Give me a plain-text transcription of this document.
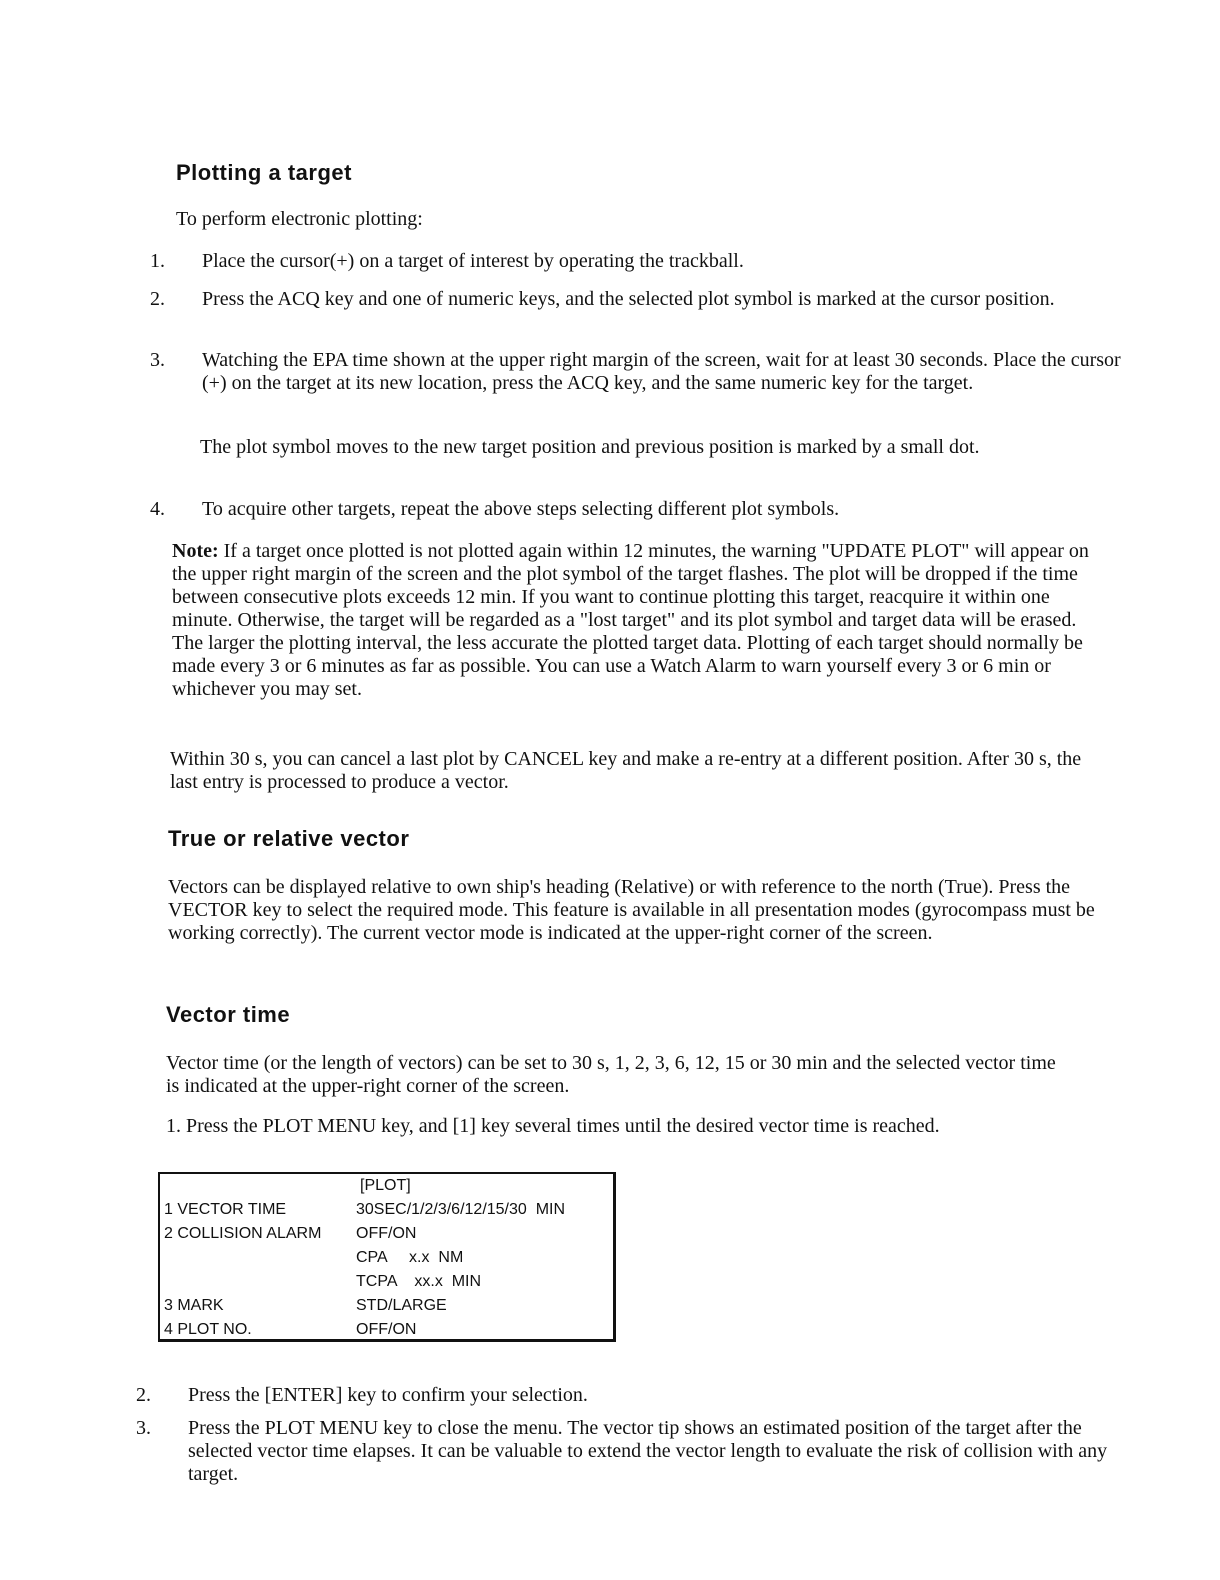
Plotting a target
To perform electronic plotting:
1. Place the cursor(+) on a target of interest by operating the trackball.
2. Press the ACQ key and one of numeric keys, and the selected plot symbol is marked at the cursor position.
3. Watching the EPA time shown at the upper right margin of the screen, wait for at least 30 seconds. Place the cursor (+) on the target at its new location, press the ACQ key, and the same numeric key for the target.
The plot symbol moves to the new target position and previous position is marked by a small dot.
4. To acquire other targets, repeat the above steps selecting different plot symbols.
Note: If a target once plotted is not plotted again within 12 minutes, the warning "UPDATE PLOT" will appear on the upper right margin of the screen and the plot symbol of the target flashes. The plot will be dropped if the time between consecutive plots exceeds 12 min. If you want to continue plotting this target, reacquire it within one minute. Otherwise, the target will be regarded as a "lost target" and its plot symbol and target data will be erased. The larger the plotting interval, the less accurate the plotted target data. Plotting of each target should normally be made every 3 or 6 minutes as far as possible. You can use a Watch Alarm to warn yourself every 3 or 6 min or whichever you may set.
Within 30 s, you can cancel a last plot by CANCEL key and make a re-entry at a different position. After 30 s, the last entry is processed to produce a vector.
True or relative vector
Vectors can be displayed relative to own ship's heading (Relative) or with reference to the north (True). Press the VECTOR key to select the required mode. This feature is available in all presentation modes (gyrocompass must be working correctly). The current vector mode is indicated at the upper-right corner of the screen.
Vector time
Vector time (or the length of vectors) can be set to 30 s, 1, 2, 3, 6, 12, 15 or 30 min and the selected vector time is indicated at the upper-right corner of the screen.
1. Press the PLOT MENU key, and [1] key several times until the desired vector time is reached.
[PLOT]
1 VECTOR TIME	30SEC/1/2/3/6/12/15/30  MIN
2 COLLISION ALARM OFF/ON
CPA     x.x  NM
TCPA    xx.x  MIN
3 MARK	STD/LARGE
4 PLOT NO.	OFF/ON
2. Press the [ENTER] key to confirm your selection.
3. Press the PLOT MENU key to close the menu. The vector tip shows an estimated position of the target after the selected vector time elapses. It can be valuable to extend the vector length to evaluate the risk of collision with any target.
